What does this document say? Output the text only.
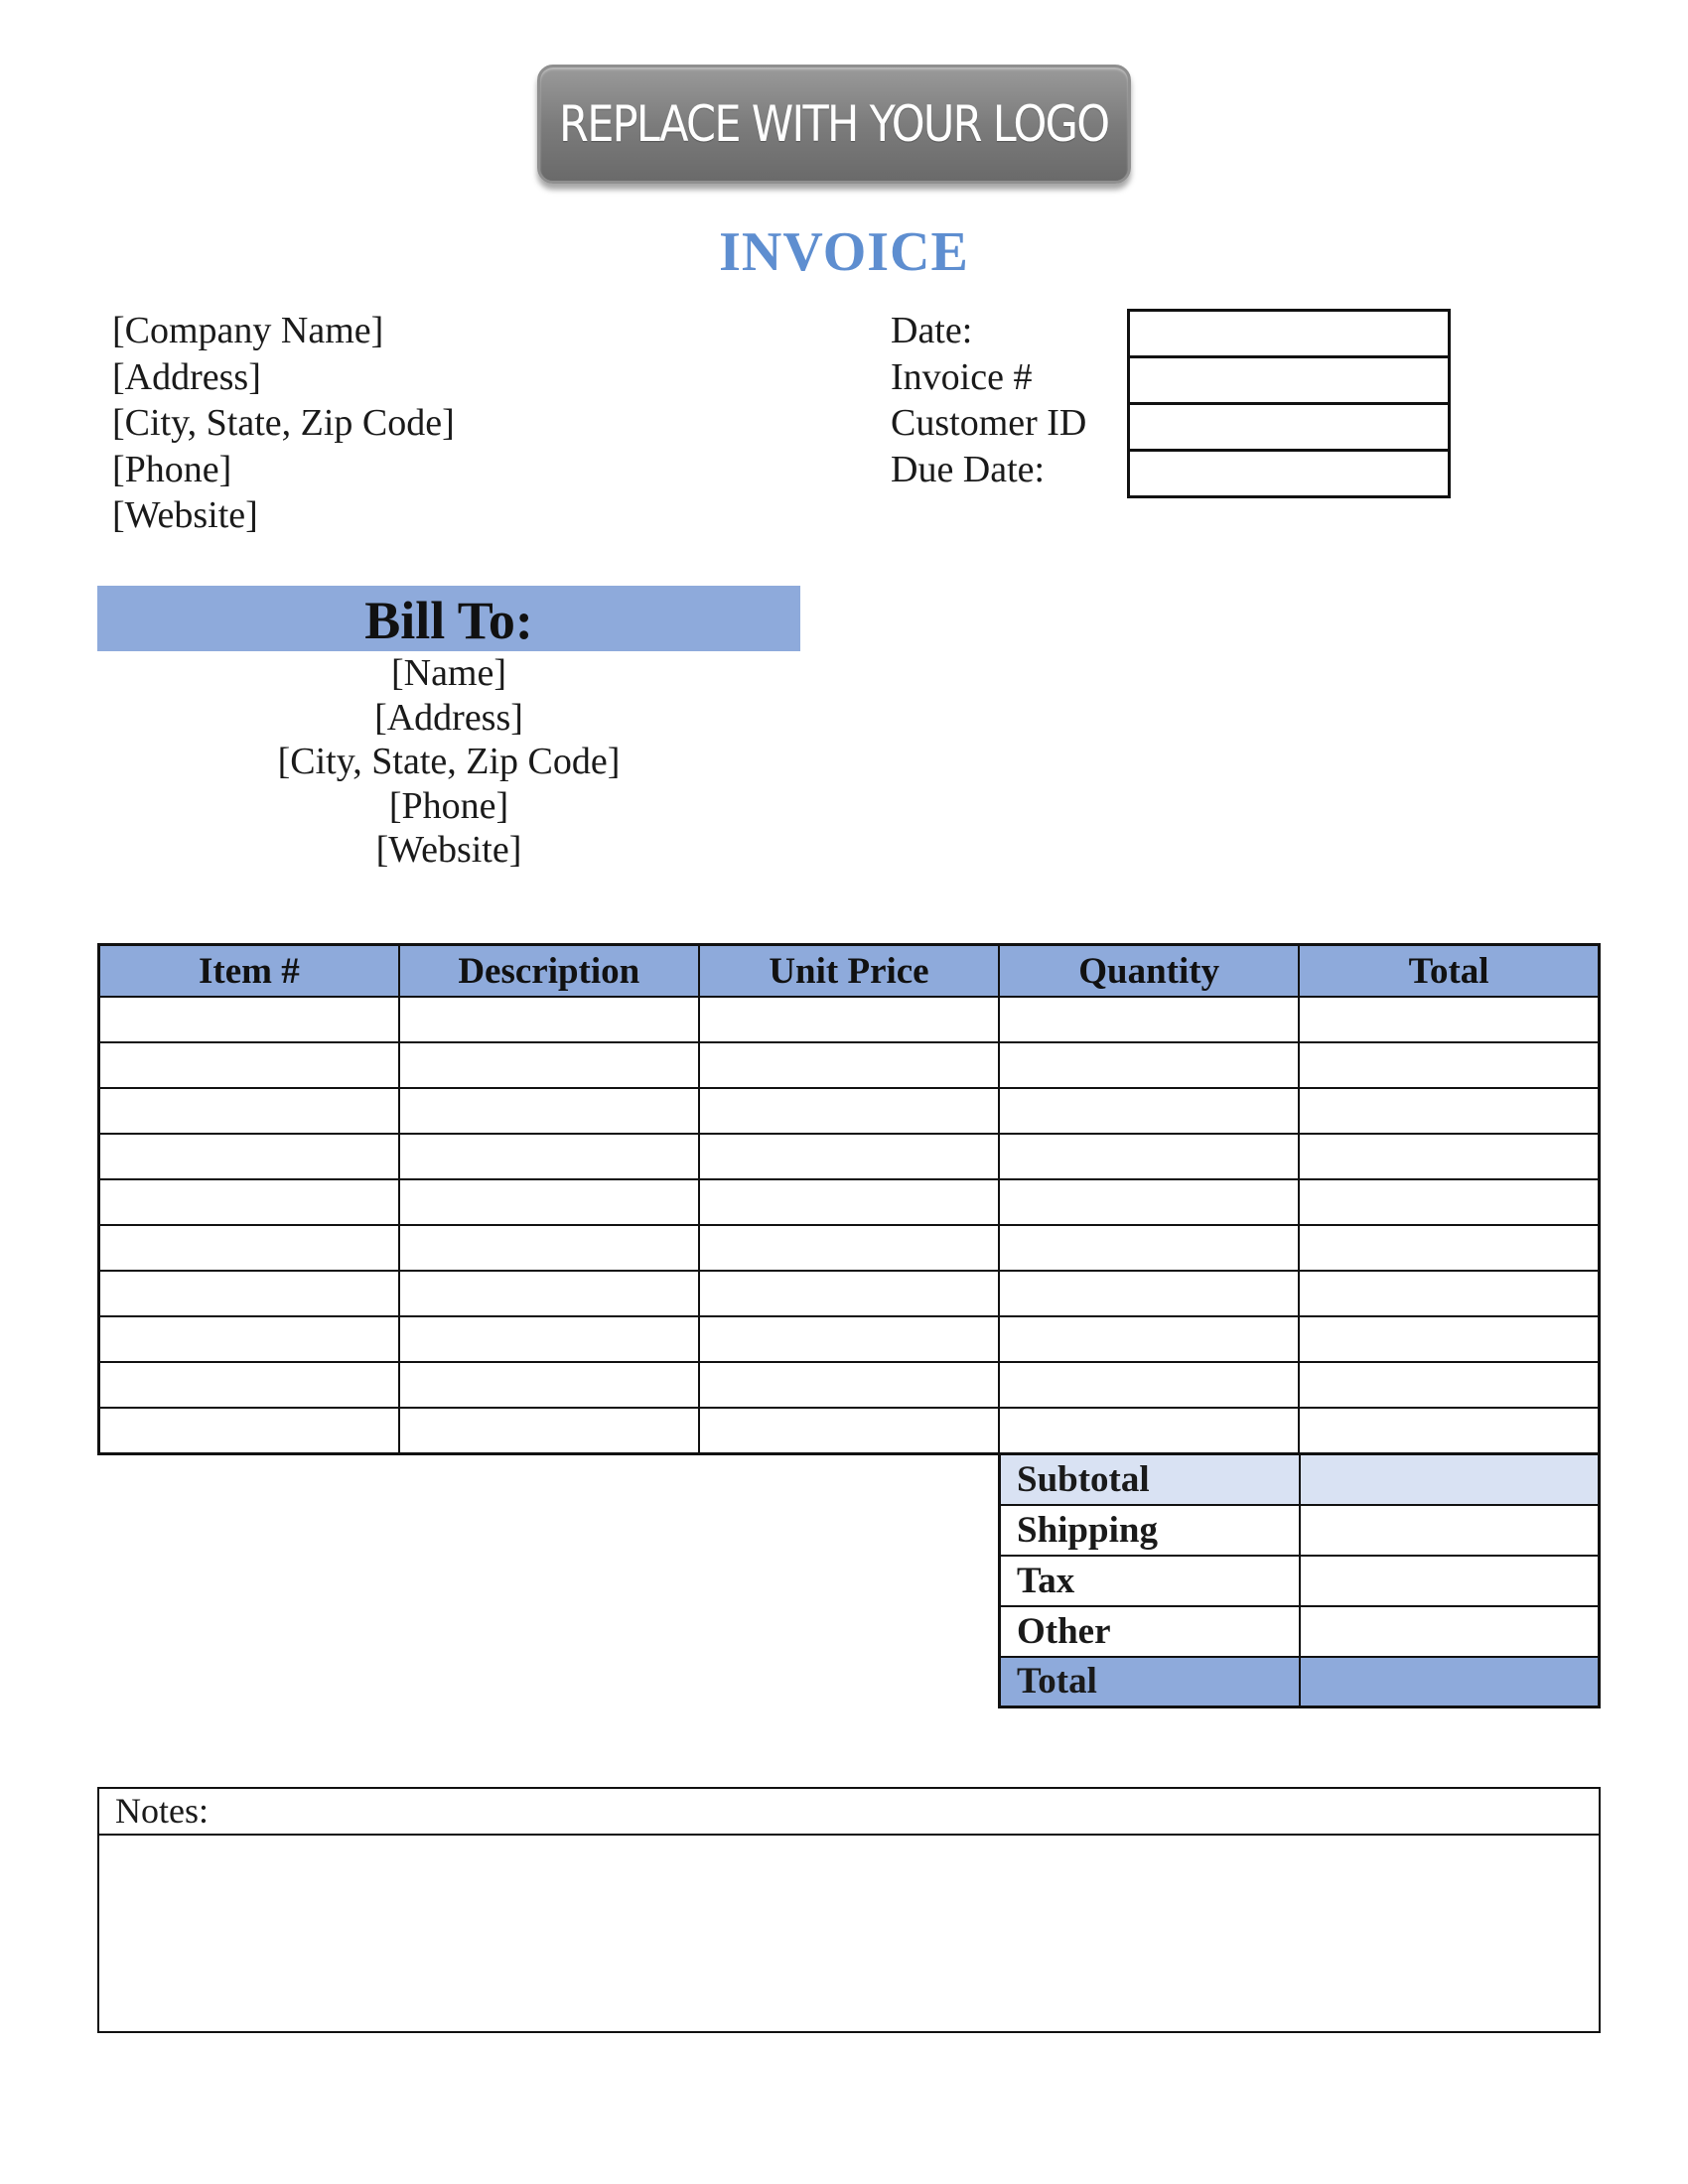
REPLACE WITH YOUR LOGO
INVOICE
[Company Name]
[Address]
[City, State, Zip Code]
[Phone]
[Website]
Date:
Invoice #
Customer ID
Due Date:
Bill To:
[Name]
[Address]
[City, State, Zip Code]
[Phone]
[Website]
Item #	Description	Unit Price	Quantity	Total

Subtotal	
Shipping	
Tax	
Other	
Total	
Notes:
